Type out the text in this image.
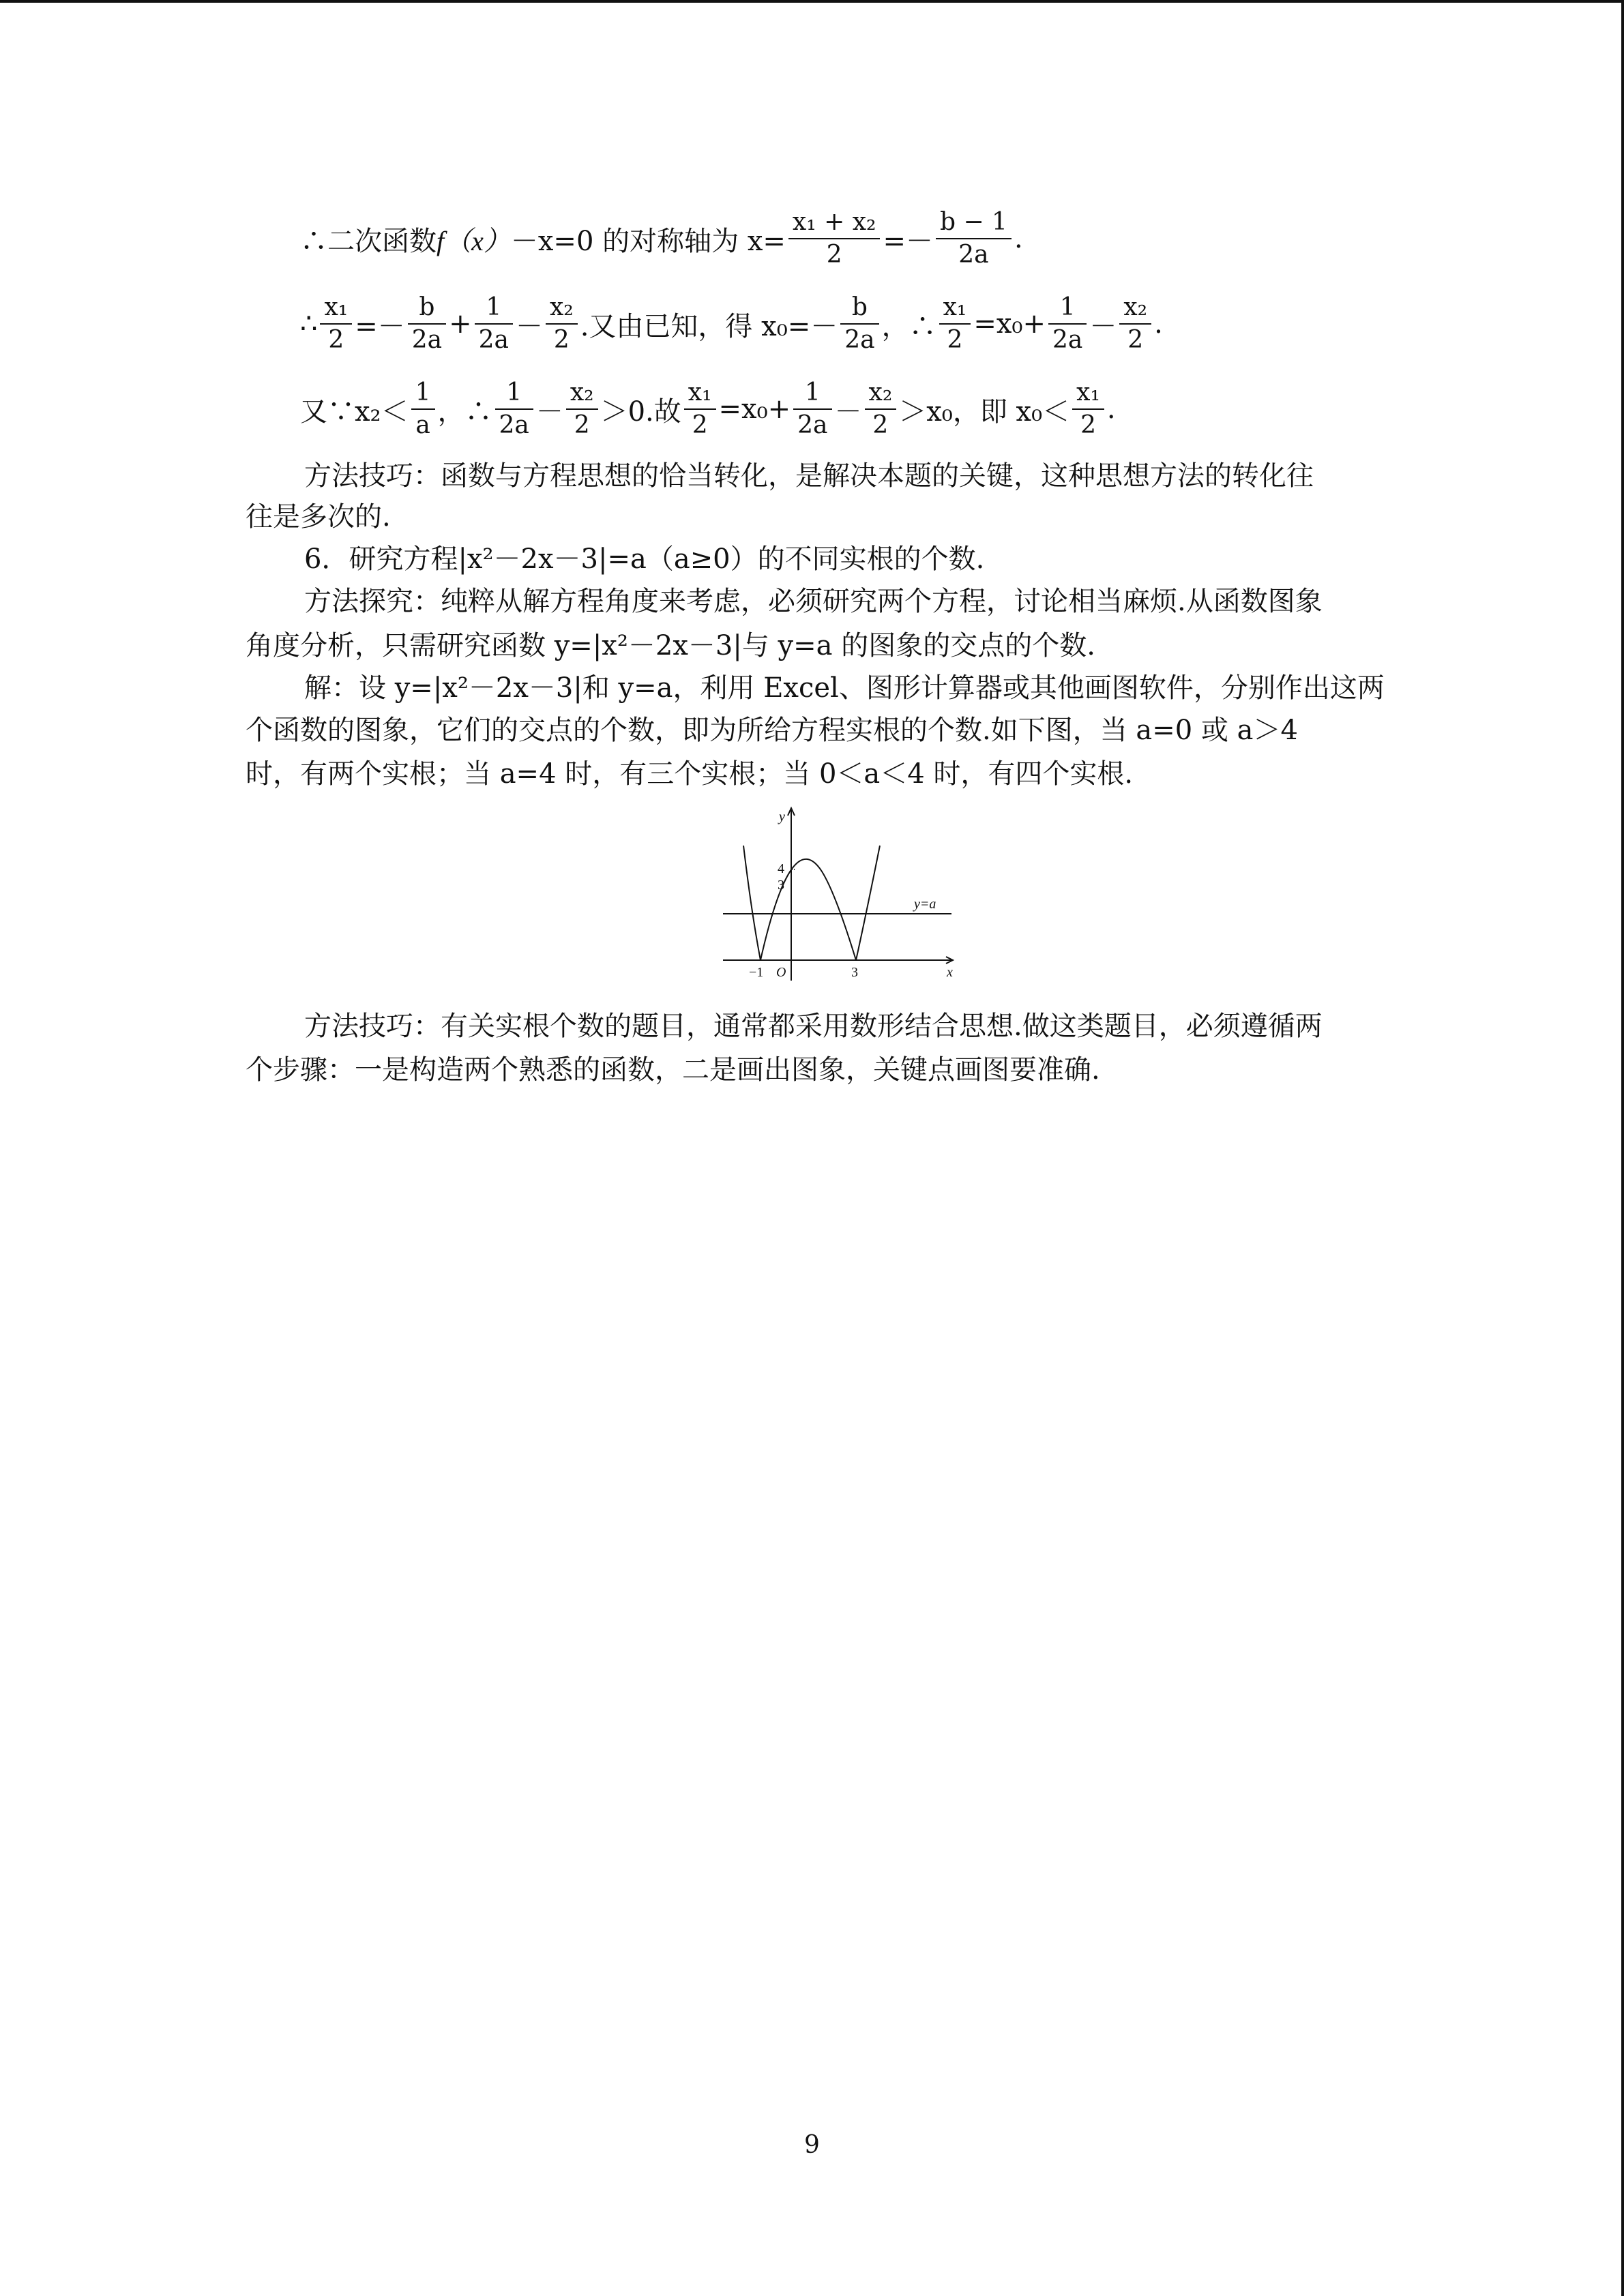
∴二次函数 f（x） －x=0 的对称轴为 $x= \frac{\text{x₁ + x₂}}{2} =- \frac{b - 1}{2a}$ .
∴ $\frac{\text{x₁}}{2} =- \frac{b}{2a} + \frac{1}{2a} - \frac{\text{x₂}}{2}$ .又由已知，得 $x_0=- \frac{b}{2a}$ ，∴ $\frac{\text{x₁}}{2} =x_0+ \frac{1}{2a} - \frac{\text{x₂}}{2}$ .
又∵x₂＜ $\frac{1}{a}$ ，∴ $\frac{1}{2a} - \frac{\text{x₂}}{2} >0$.故 $\frac{\text{x₁}}{2} =x_0+ \frac{1}{2a} - \frac{\text{x₂}}{2} >x_0$，即 $x_0< \frac{\text{x₁}}{2}$ .
方法技巧：函数与方程思想的恰当转化，是解决本题的关键，这种思想方法的转化往
往是多次的.
6．研究方程|x²－2x－3|=a（a≥0）的不同实根的个数.
方法探究：纯粹从解方程角度来考虑，必须研究两个方程，讨论相当麻烦.从函数图象
角度分析，只需研究函数 y=|x²－2x－3|与 y=a 的图象的交点的个数.
解：设 y=|x²－2x－3|和 y=a，利用 Excel、图形计算器或其他画图软件，分别作出这两
个函数的图象，它们的交点的个数，即为所给方程实根的个数.如下图，当 a=0 或 a＞4
时，有两个实根；当 a=4 时，有三个实根；当 0＜a＜4 时，有四个实根.
y
4
3
y=a
−1 O	3	x
方法技巧：有关实根个数的题目，通常都采用数形结合思想.做这类题目，必须遵循两
个步骤：一是构造两个熟悉的函数，二是画出图象，关键点画图要准确.
9
